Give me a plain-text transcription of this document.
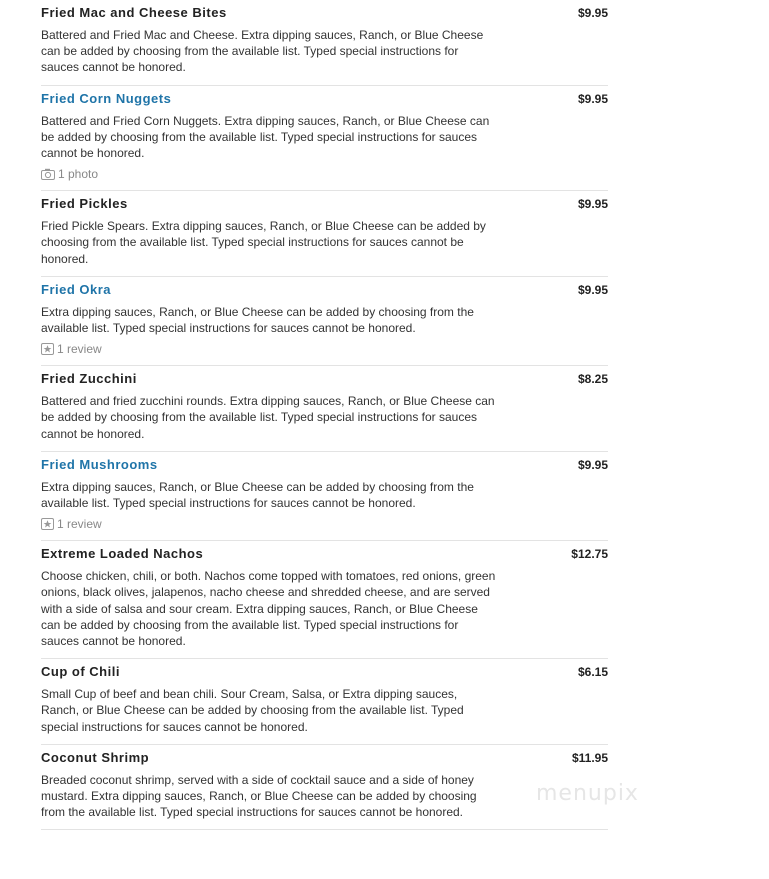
Fried Mac and Cheese Bites	$9.95
Battered and Fried Mac and Cheese. Extra dipping sauces, Ranch, or Blue Cheese can be added by choosing from the available list. Typed special instructions for sauces cannot be honored.
Fried Corn Nuggets	$9.95
Battered and Fried Corn Nuggets. Extra dipping sauces, Ranch, or Blue Cheese can be added by choosing from the available list. Typed special instructions for sauces cannot be honored.
1 photo
Fried Pickles	$9.95
Fried Pickle Spears. Extra dipping sauces, Ranch, or Blue Cheese can be added by choosing from the available list. Typed special instructions for sauces cannot be honored.
Fried Okra	$9.95
Extra dipping sauces, Ranch, or Blue Cheese can be added by choosing from the available list. Typed special instructions for sauces cannot be honored.
1 review
Fried Zucchini	$8.25
Battered and fried zucchini rounds. Extra dipping sauces, Ranch, or Blue Cheese can be added by choosing from the available list. Typed special instructions for sauces cannot be honored.
Fried Mushrooms	$9.95
Extra dipping sauces, Ranch, or Blue Cheese can be added by choosing from the available list. Typed special instructions for sauces cannot be honored.
1 review
Extreme Loaded Nachos	$12.75
Choose chicken, chili, or both. Nachos come topped with tomatoes, red onions, green onions, black olives, jalapenos, nacho cheese and shredded cheese, and are served with a side of salsa and sour cream. Extra dipping sauces, Ranch, or Blue Cheese can be added by choosing from the available list. Typed special instructions for sauces cannot be honored.
Cup of Chili	$6.15
Small Cup of beef and bean chili. Sour Cream, Salsa, or Extra dipping sauces, Ranch, or Blue Cheese can be added by choosing from the available list. Typed special instructions for sauces cannot be honored.
Coconut Shrimp	$11.95
Breaded coconut shrimp, served with a side of cocktail sauce and a side of honey mustard. Extra dipping sauces, Ranch, or Blue Cheese can be added by choosing from the available list. Typed special instructions for sauces cannot be honored.
menupix
